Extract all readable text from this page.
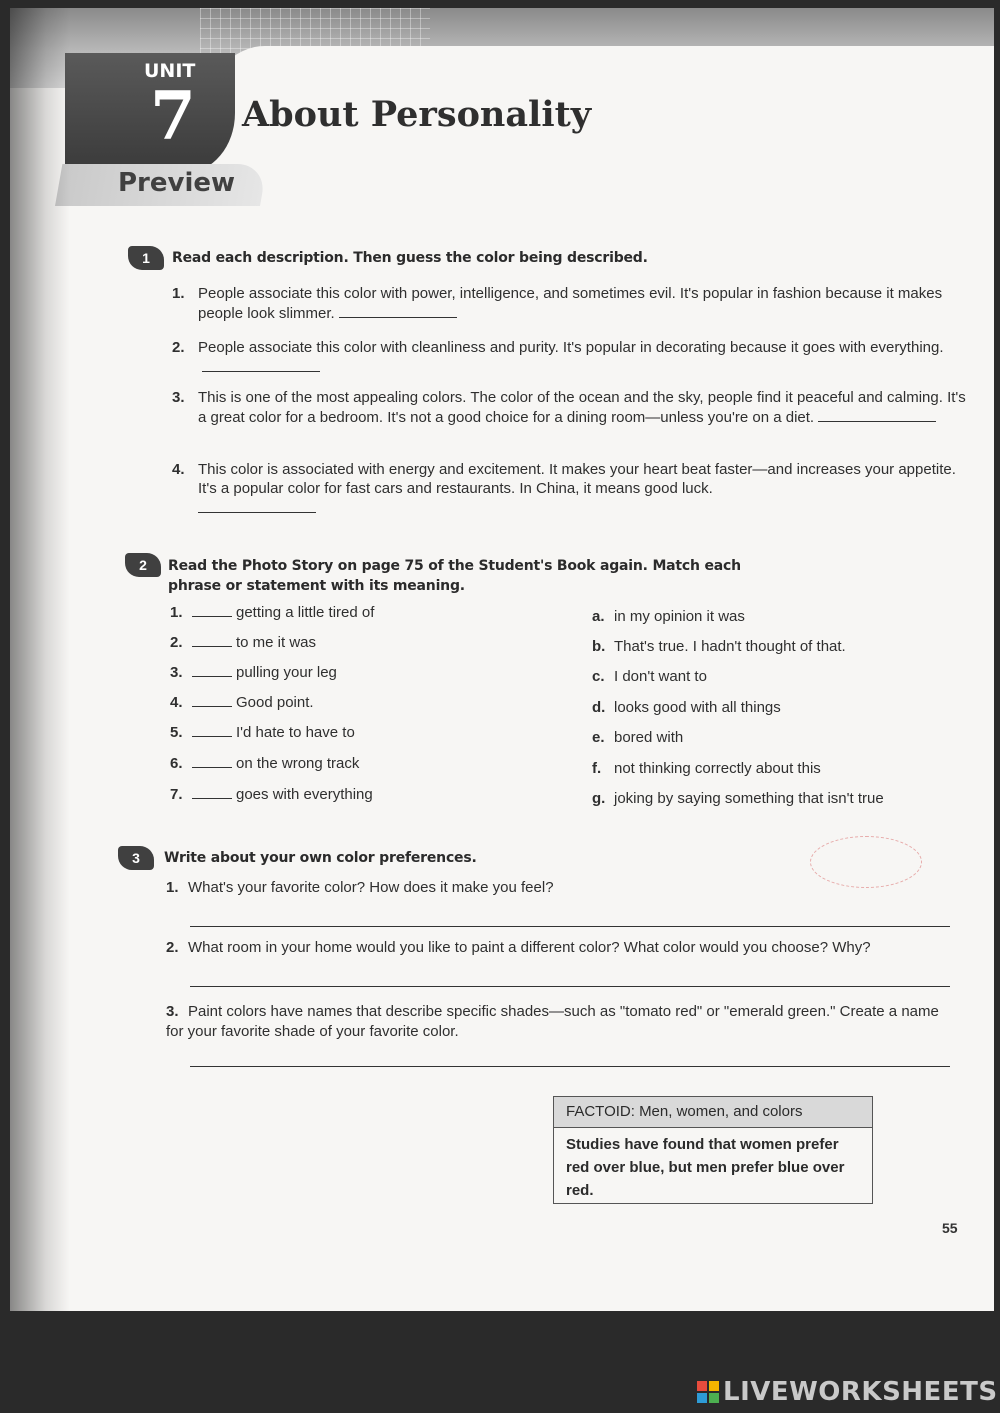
UNIT
7 About Personality
Preview
1	Read each description. Then guess the color being described.
1. People associate this color with power, intelligence, and sometimes evil. It's popular in fashion because it makes people look slimmer.
2. People associate this color with cleanliness and purity. It's popular in decorating because it goes with everything.
3. This is one of the most appealing colors. The color of the ocean and the sky, people find it peaceful and calming. It's a great color for a bedroom. It's not a good choice for a dining room—unless you're on a diet.
4. This color is associated with energy and excitement. It makes your heart beat faster—and increases your appetite. It's a popular color for fast cars and restaurants. In China, it means good luck.

2	Read the Photo Story on page 75 of the Student's Book again. Match each
phrase or statement with its meaning.
1.	getting a little tired of
2.	to me it was
3.	pulling your leg
4.	Good point.
5.	I'd hate to have to
6.	on the wrong track
7.	goes with everything
a. in my opinion it was
b. That's true. I hadn't thought of that.
c. I don't want to
d. looks good with all things
e. bored with
f. not thinking correctly about this
g. joking by saying something that isn't true
3	Write about your own color preferences.
1. What's your favorite color? How does it make you feel?
2. What room in your home would you like to paint a different color? What color would you choose? Why?
3. Paint colors have names that describe specific shades—such as "tomato red" or "emerald green." Create a name for your favorite shade of your favorite color.
FACTOID: Men, women, and colors
Studies have found that women prefer red over blue, but men prefer blue over red.
55
LIVEWORKSHEETS
